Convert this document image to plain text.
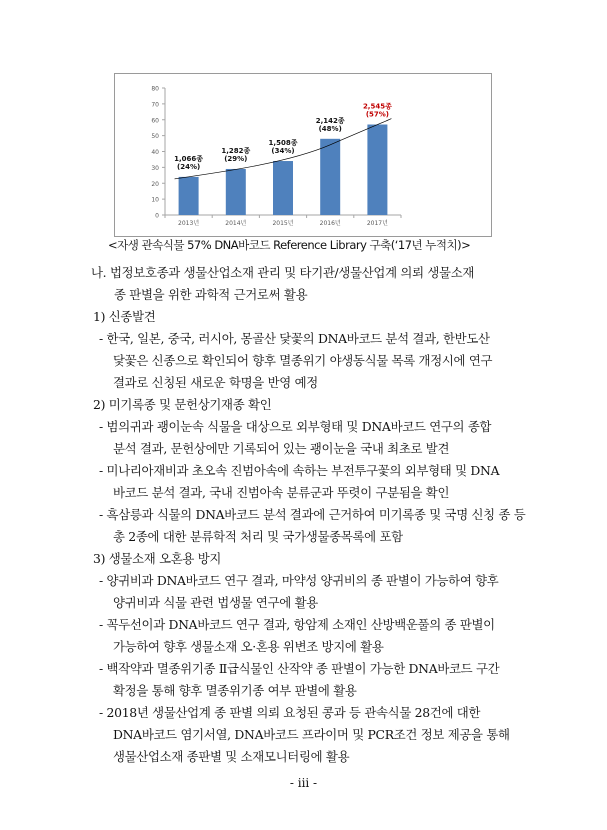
0
10
20
30
40
50
60
70
80
2013년	2014년	2015년	2016년	2017년
1,066종
(24%)
1,282종
(29%)
1,508종
(34%)
2,142종
(48%)
2,545종
(57%)
<자생 관속식물 57% DNA바코드 Reference Library 구축(‘17년 누적치)>
나. 법정보호종과 생물산업소재 관리 및 타기관/생물산업계 의뢰 생물소재
종 판별을 위한 과학적 근거로써 활용
1) 신종발견
- 한국, 일본, 중국, 러시아, 몽골산 닻꽃의 DNA바코드 분석 결과, 한반도산
닻꽃은 신종으로 확인되어 향후 멸종위기 야생동식물 목록 개정시에 연구
결과로 신칭된 새로운 학명을 반영 예정
2) 미기록종 및 문헌상기재종 확인
- 범의귀과 괭이눈속 식물을 대상으로 외부형태 및 DNA바코드 연구의 종합
분석 결과, 문헌상에만 기록되어 있는 괭이눈을 국내 최초로 발견
- 미나리아재비과 초오속 진범아속에 속하는 부전투구꽃의 외부형태 및 DNA
바코드 분석 결과, 국내 진범아속 분류군과 뚜렷이 구분됨을 확인
- 흑삼릉과 식물의 DNA바코드 분석 결과에 근거하여 미기록종 및 국명 신칭 종 등
총 2종에 대한 분류학적 처리 및 국가생물종목록에 포함
3) 생물소재 오혼용 방지
- 양귀비과 DNA바코드 연구 결과, 마약성 양귀비의 종 판별이 가능하여 향후
양귀비과 식물 관련 법생물 연구에 활용
- 꼭두선이과 DNA바코드 연구 결과, 항암제 소재인 산방백운풀의 종 판별이
가능하여 향후 생물소재 오·혼용 위변조 방지에 활용
- 백작약과 멸종위기종 Ⅱ급식물인 산작약 종 판별이 가능한 DNA바코드 구간
확정을 통해 향후 멸종위기종 여부 판별에 활용
- 2018년 생물산업계 종 판별 의뢰 요청된 콩과 등 관속식물 28건에 대한
DNA바코드 염기서열, DNA바코드 프라이머 및 PCR조건 정보 제공을 통해
생물산업소재 종판별 및 소재모니터링에 활용
- iii -
